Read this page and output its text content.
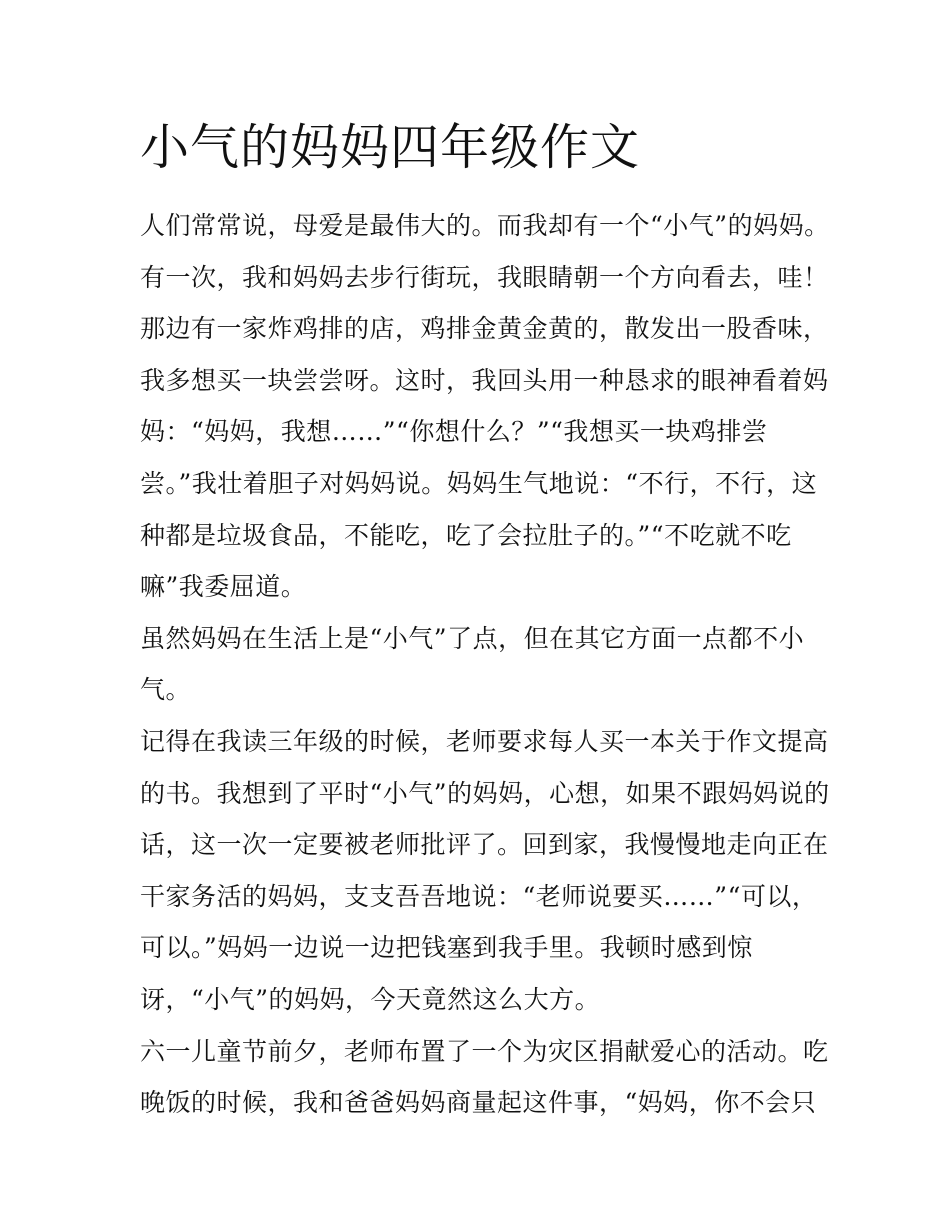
小气的妈妈四年级作文
人们常常说，母爱是最伟大的。而我却有一个“小气”的妈妈。
有一次，我和妈妈去步行街玩，我眼睛朝一个方向看去，哇！
那边有一家炸鸡排的店，鸡排金黄金黄的，散发出一股香味，
我多想买一块尝尝呀。这时，我回头用一种恳求的眼神看着妈
妈：“妈妈，我想……”“你想什么？”“我想买一块鸡排尝
尝。”我壮着胆子对妈妈说。妈妈生气地说：“不行，不行，这
种都是垃圾食品，不能吃，吃了会拉肚子的。”“不吃就不吃
嘛”我委屈道。
虽然妈妈在生活上是“小气”了点，但在其它方面一点都不小
气。
记得在我读三年级的时候，老师要求每人买一本关于作文提高
的书。我想到了平时“小气”的妈妈，心想，如果不跟妈妈说的
话，这一次一定要被老师批评了。回到家，我慢慢地走向正在
干家务活的妈妈，支支吾吾地说：“老师说要买……”“可以，
可以。”妈妈一边说一边把钱塞到我手里。我顿时感到惊
讶，“小气”的妈妈，今天竟然这么大方。
六一儿童节前夕，老师布置了一个为灾区捐献爱心的活动。吃
晚饭的时候，我和爸爸妈妈商量起这件事，“妈妈，你不会只
